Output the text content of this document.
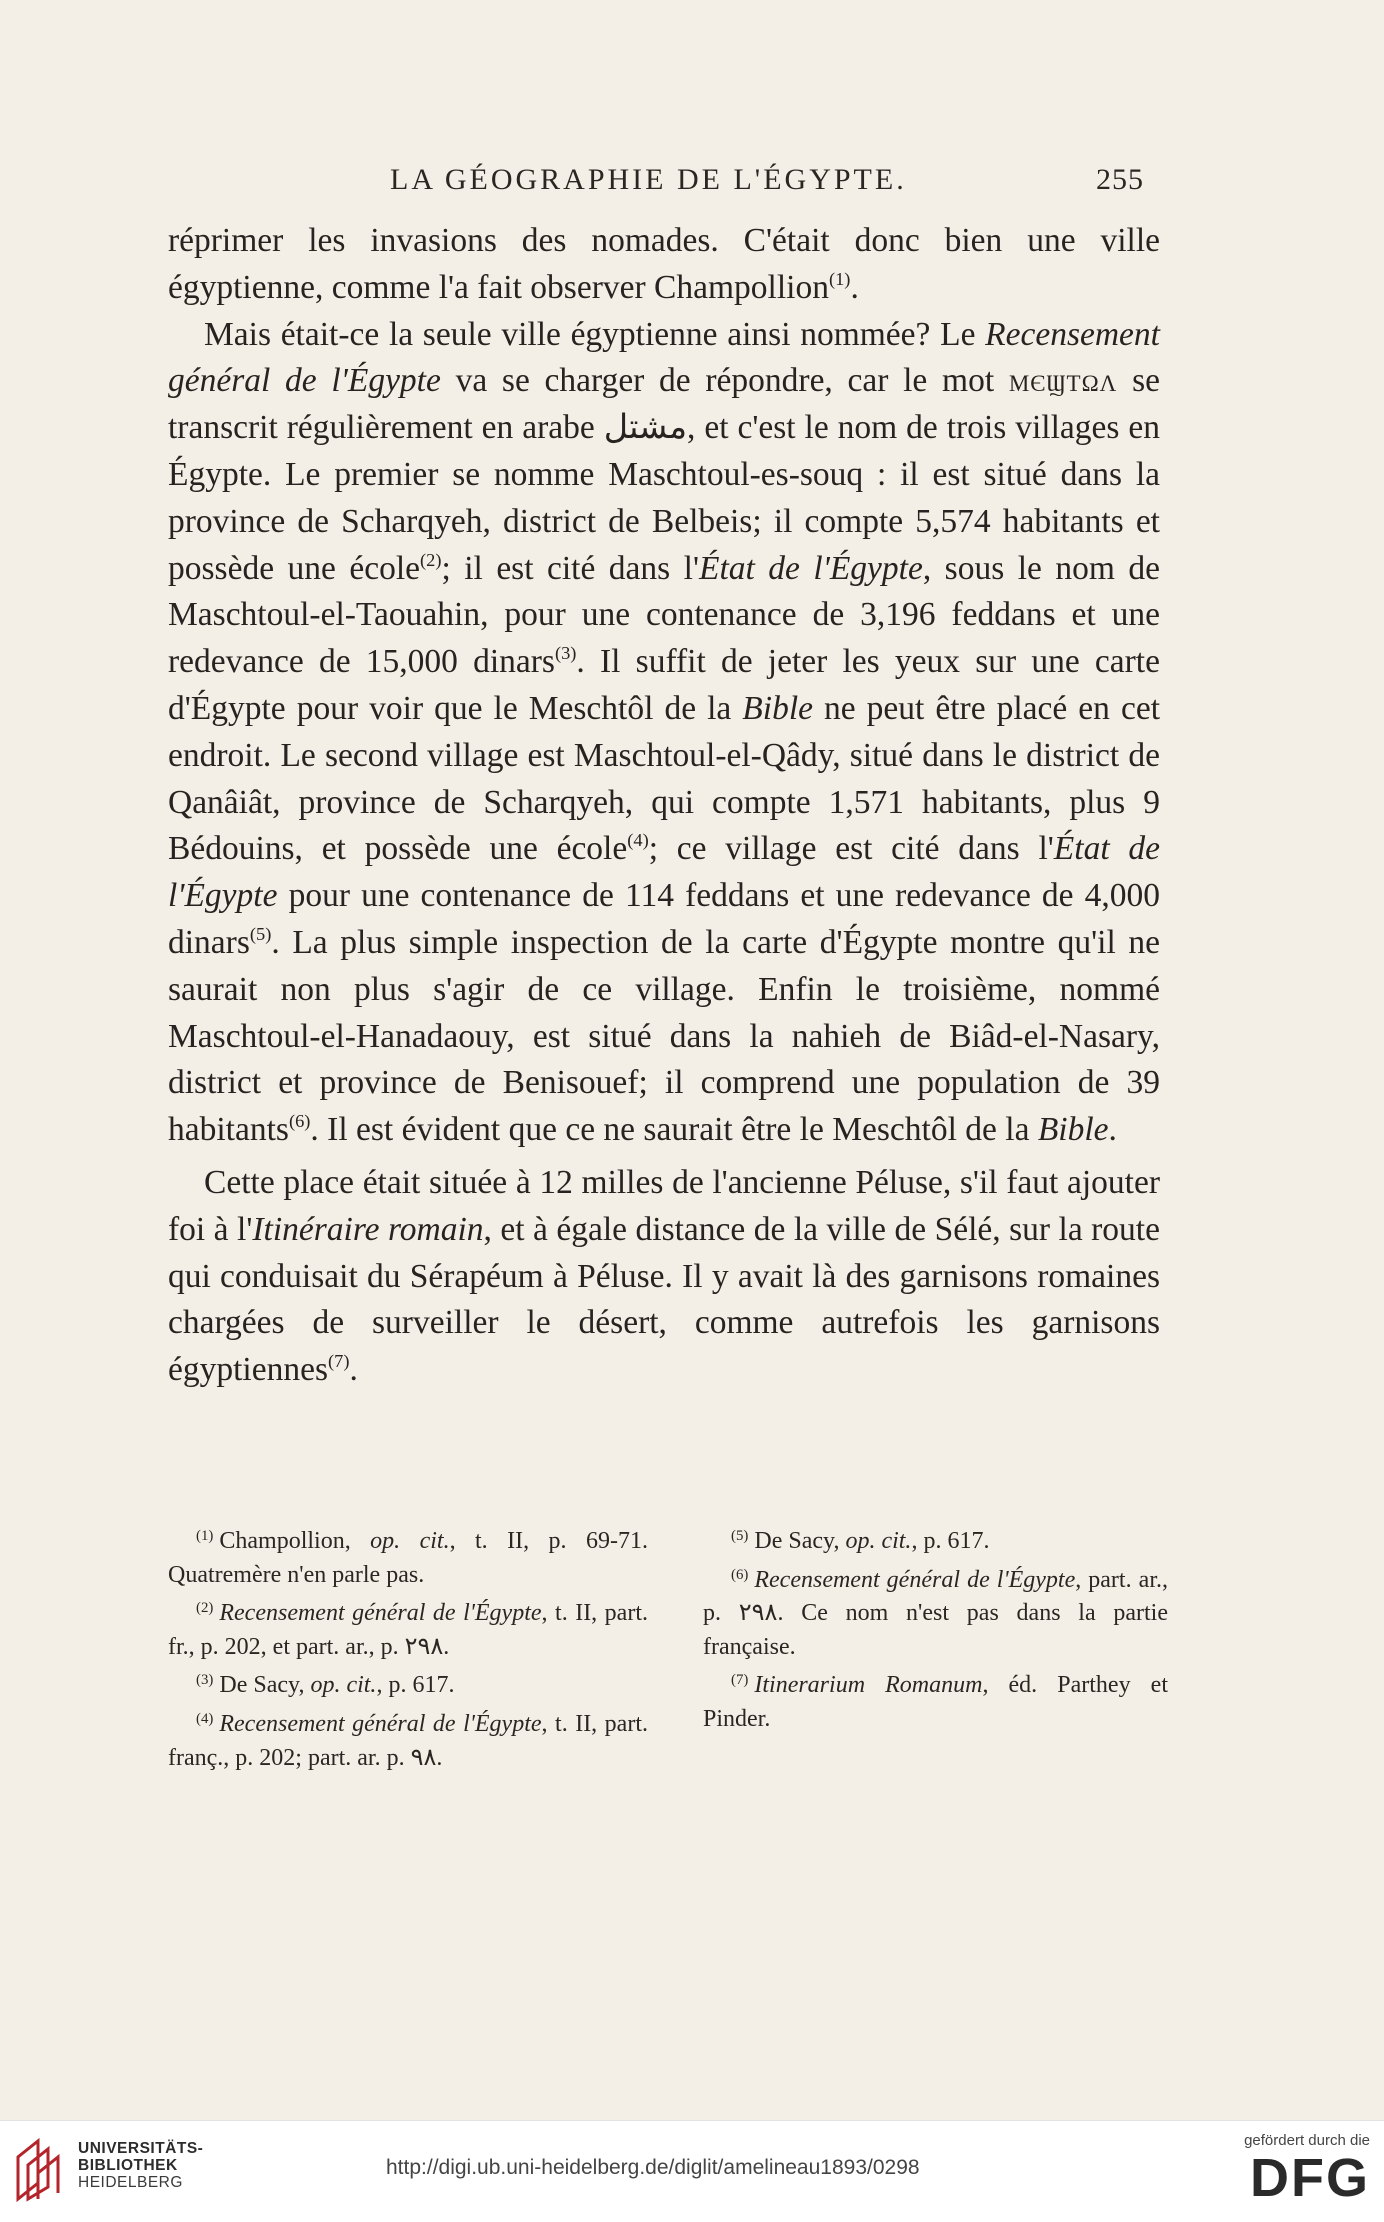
LA GÉOGRAPHIE DE L'ÉGYPTE.	255

réprimer les invasions des nomades. C'était donc bien une ville égyptienne, comme l'a fait observer Champollion$^{(1)}$.

Mais était-ce la seule ville égyptienne ainsi nommée? Le Recensement général de l'Égypte va se charger de répondre, car le mot мєϣтωλ se transcrit régulièrement en arabe مشتل, et c'est le nom de trois villages en Égypte. Le premier se nomme Maschtoul-es-souq : il est situé dans la province de Scharqyeh, district de Belbeis; il compte 5,574 habitants et possède une école$^{(2)}$; il est cité dans l'État de l'Égypte, sous le nom de Maschtoul-el-Taouahin, pour une contenance de 3,196 feddans et une redevance de 15,000 dinars$^{(3)}$. Il suffit de jeter les yeux sur une carte d'Égypte pour voir que le Meschtôl de la Bible ne peut être placé en cet endroit. Le second village est Maschtoul-el-Qâdy, situé dans le district de Qanâiât, province de Scharqyeh, qui compte 1,571 habitants, plus 9 Bédouins, et possède une école$^{(4)}$; ce village est cité dans l'État de l'Égypte pour une contenance de 114 feddans et une redevance de 4,000 dinars$^{(5)}$. La plus simple inspection de la carte d'Égypte montre qu'il ne saurait non plus s'agir de ce village. Enfin le troisième, nommé Maschtoul-el-Hanadaouy, est situé dans la nahieh de Biâd-el-Nasary, district et province de Benisouef; il comprend une population de 39 habitants$^{(6)}$. Il est évident que ce ne saurait être le Meschtôl de la Bible.

Cette place était située à 12 milles de l'ancienne Péluse, s'il faut ajouter foi à l'Itinéraire romain, et à égale distance de la ville de Sélé, sur la route qui conduisait du Sérapéum à Péluse. Il y avait là des garnisons romaines chargées de surveiller le désert, comme autrefois les garnisons égyptiennes$^{(7)}$.

$^{(1)}$ Champollion, op. cit., t. II, p. 69-71. Quatremère n'en parle pas.

$^{(2)}$ Recensement général de l'Égypte, t. II, part. fr., p. 202, et part. ar., p. ٢٩٨.

$^{(3)}$ De Sacy, op. cit., p. 617.

$^{(4)}$ Recensement général de l'Égypte, t. II, part. franç., p. 202; part. ar. p. ٩٨.

$^{(5)}$ De Sacy, op. cit., p. 617.

$^{(6)}$ Recensement général de l'Égypte, part. ar., p. ٢٩٨. Ce nom n'est pas dans la partie française.

$^{(7)}$ Itinerarium Romanum, éd. Parthey et Pinder.

UNIVERSITÄTS-
BIBLIOTHEK
HEIDELBERG
http://digi.ub.uni-heidelberg.de/diglit/amelineau1893/0298
gefördert durch die
DFG
